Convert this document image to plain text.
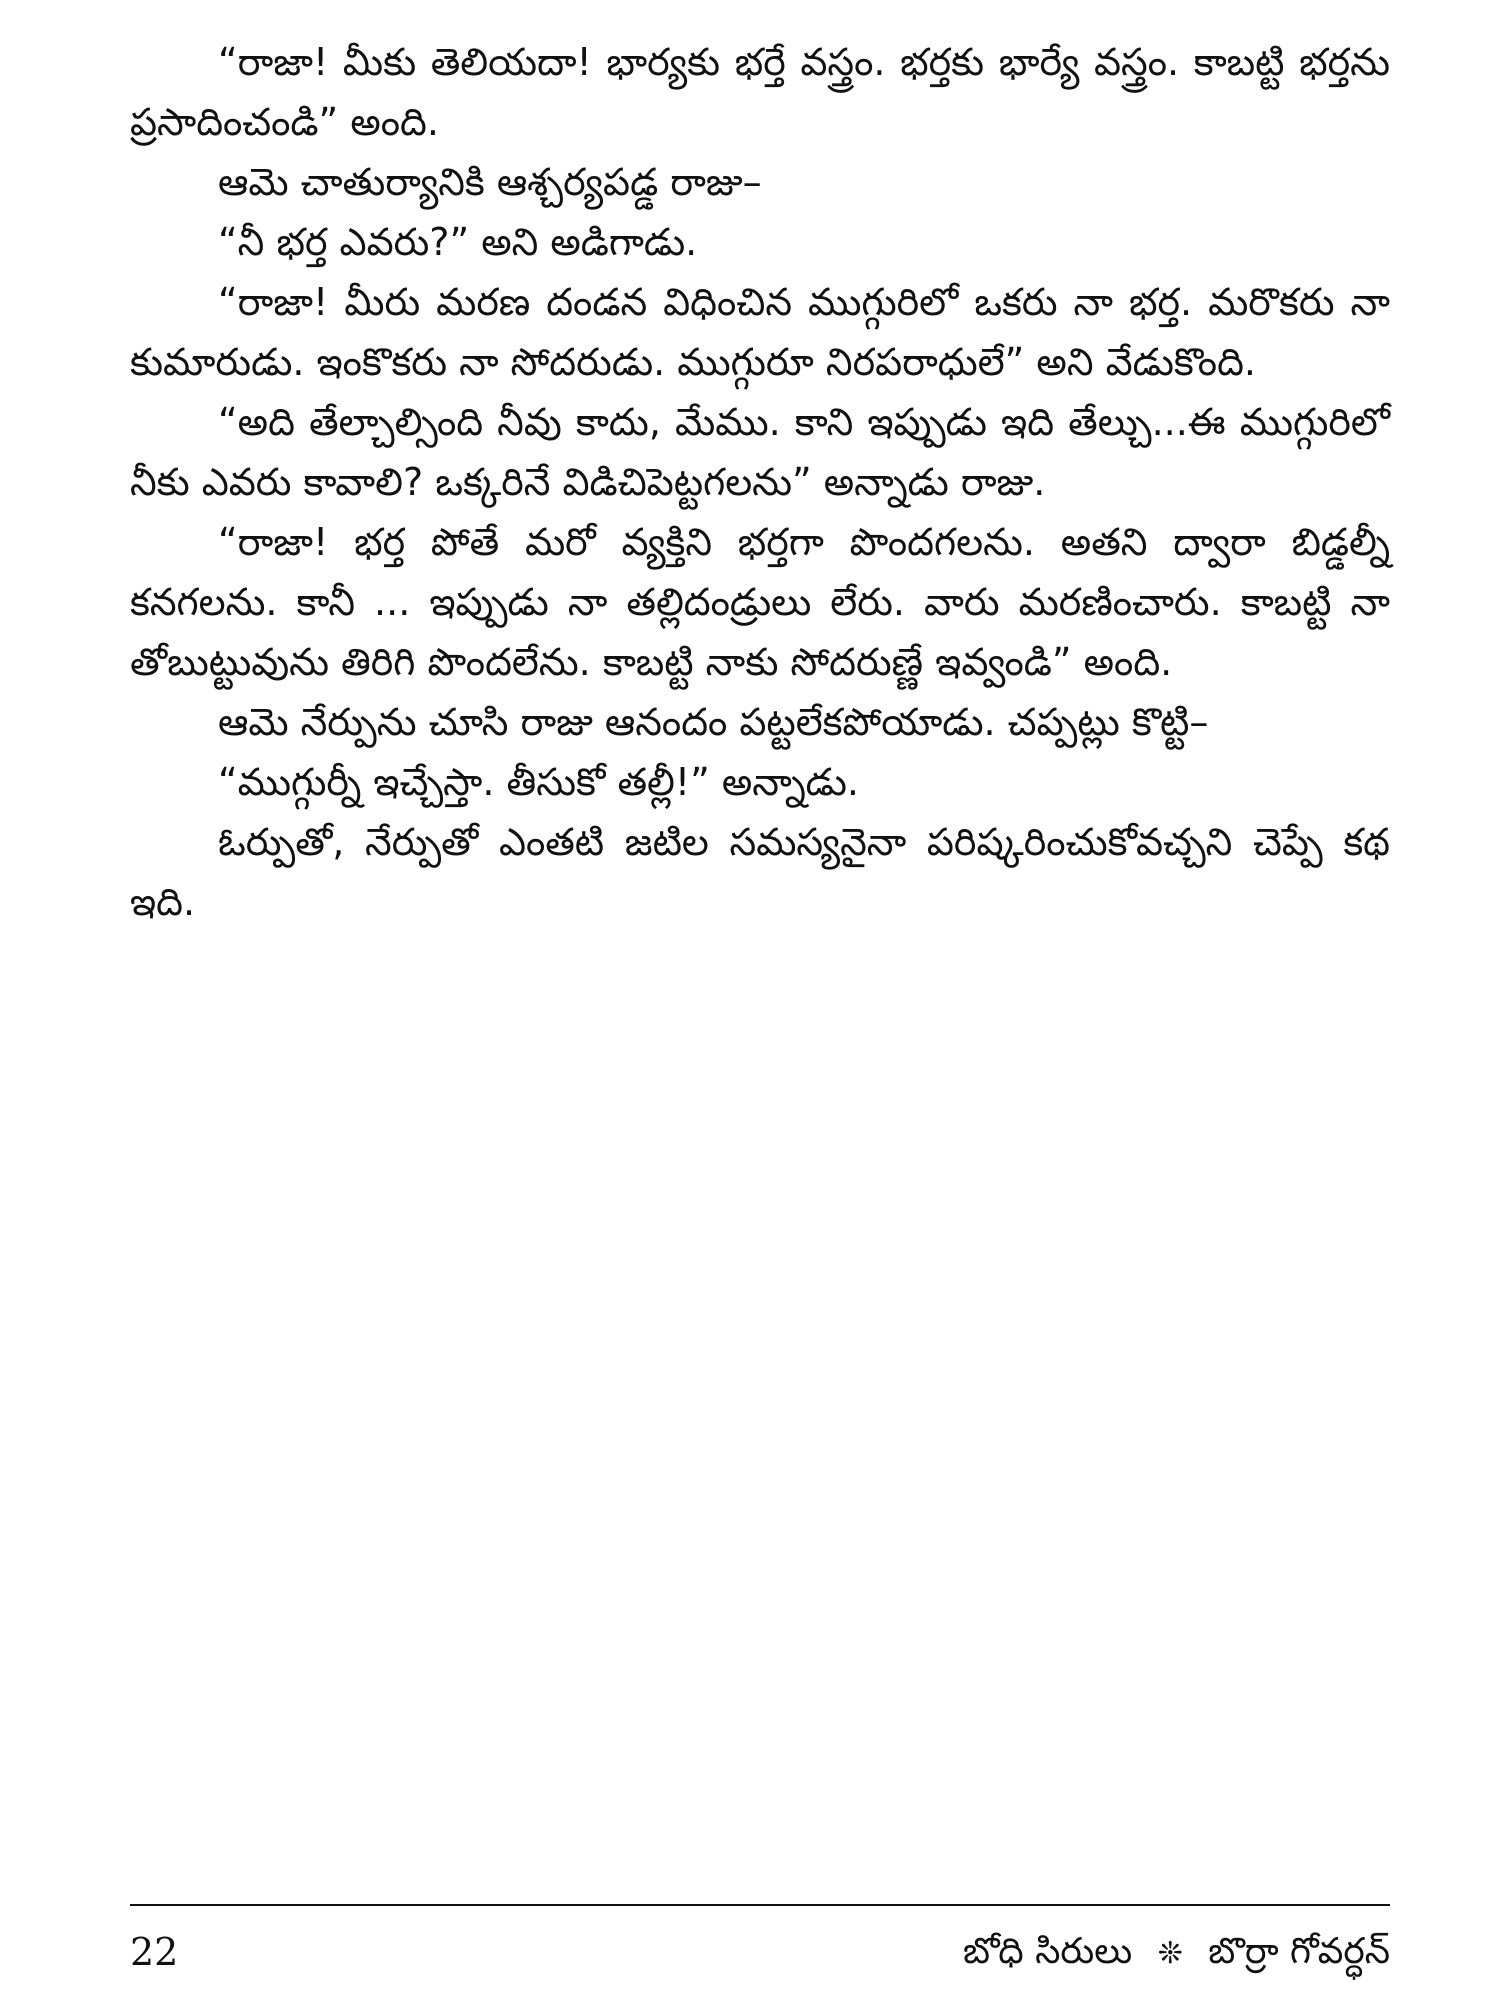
“రాజా! మీకు తెలియదా! భార్యకు భర్తే వస్త్రం. భర్తకు భార్యే వస్త్రం. కాబట్టి భర్తను ప్రసాదించండి” అంది.

ఆమె చాతుర్యానికి ఆశ్చర్యపడ్డ రాజు–

“నీ భర్త ఎవరు?” అని అడిగాడు.

“రాజా! మీరు మరణ దండన విధించిన ముగ్గురిలో ఒకరు నా భర్త. మరొకరు నా కుమారుడు. ఇంకొకరు నా సోదరుడు. ముగ్గురూ నిరపరాధులే” అని వేడుకొంది.

“అది తేల్చాల్సింది నీవు కాదు, మేము. కాని ఇప్పుడు ఇది తేల్చు...ఈ ముగ్గురిలో నీకు ఎవరు కావాలి? ఒక్కరినే విడిచిపెట్టగలను” అన్నాడు రాజు.

“రాజా! భర్త పోతే మరో వ్యక్తిని భర్తగా పొందగలను. అతని ద్వారా బిడ్డల్నీ కనగలను. కానీ ... ఇప్పుడు నా తల్లిదండ్రులు లేరు. వారు మరణించారు. కాబట్టి నా తోబుట్టువును తిరిగి పొందలేను. కాబట్టి నాకు సోదరుణ్ణే ఇవ్వండి” అంది.

ఆమె నేర్పును చూసి రాజు ఆనందం పట్టలేకపోయాడు. చప్పట్లు కొట్టి–

“ముగ్గుర్నీ ఇచ్చేస్తా. తీసుకో తల్లీ!” అన్నాడు.

ఓర్పుతో, నేర్పుతో ఎంతటి జటిల సమస్యనైనా పరిష్కరించుకోవచ్చని చెప్పే కథ ఇది.

22	బోధి సిరులు ❊ బొర్రా గోవర్ధన్
